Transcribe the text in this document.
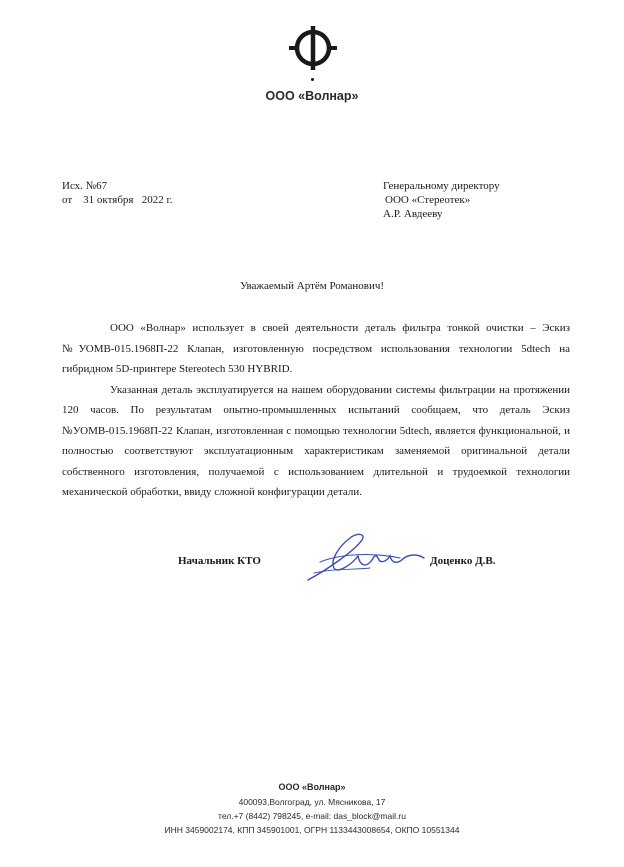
ООО «Волнар»
Исх. №67
от    31 октября   2022 г.
Генеральному директору
ООО «Стереотек»
А.Р. Авдееву
Уважаемый Артём Романович!

ООО «Волнар» использует в своей деятельности деталь фильтра тонкой очистки – Эскиз №УОМВ-015.1968П-22 Клапан, изготовленную посредством использования технологии 5dtech на гибридном 5D-принтере Stereotech 530 HYBRID.

Указанная деталь эксплуатируется на нашем оборудовании системы фильтрации на протяжении 120 часов. По результатам опытно-промышленных испытаний сообщаем, что деталь Эскиз №УОМВ-015.1968П-22 Клапан, изготовленная с помощью технологии 5dtech, является функциональной, и полностью соответствуют эксплуатационным характеристикам заменяемой оригинальной детали собственного изготовления, получаемой с использованием длительной и трудоемкой технологии механической обработки, ввиду сложной конфигурации детали.

Начальник КТО	Доценко Д.В.
ООО «Волнар»
400093,Волгоград, ул. Мясникова, 17
тел.+7 (8442) 798245, e-mail: das_block@mail.ru
ИНН 3459002174, КПП 345901001, ОГРН 1133443008654, ОКПО 10551344
